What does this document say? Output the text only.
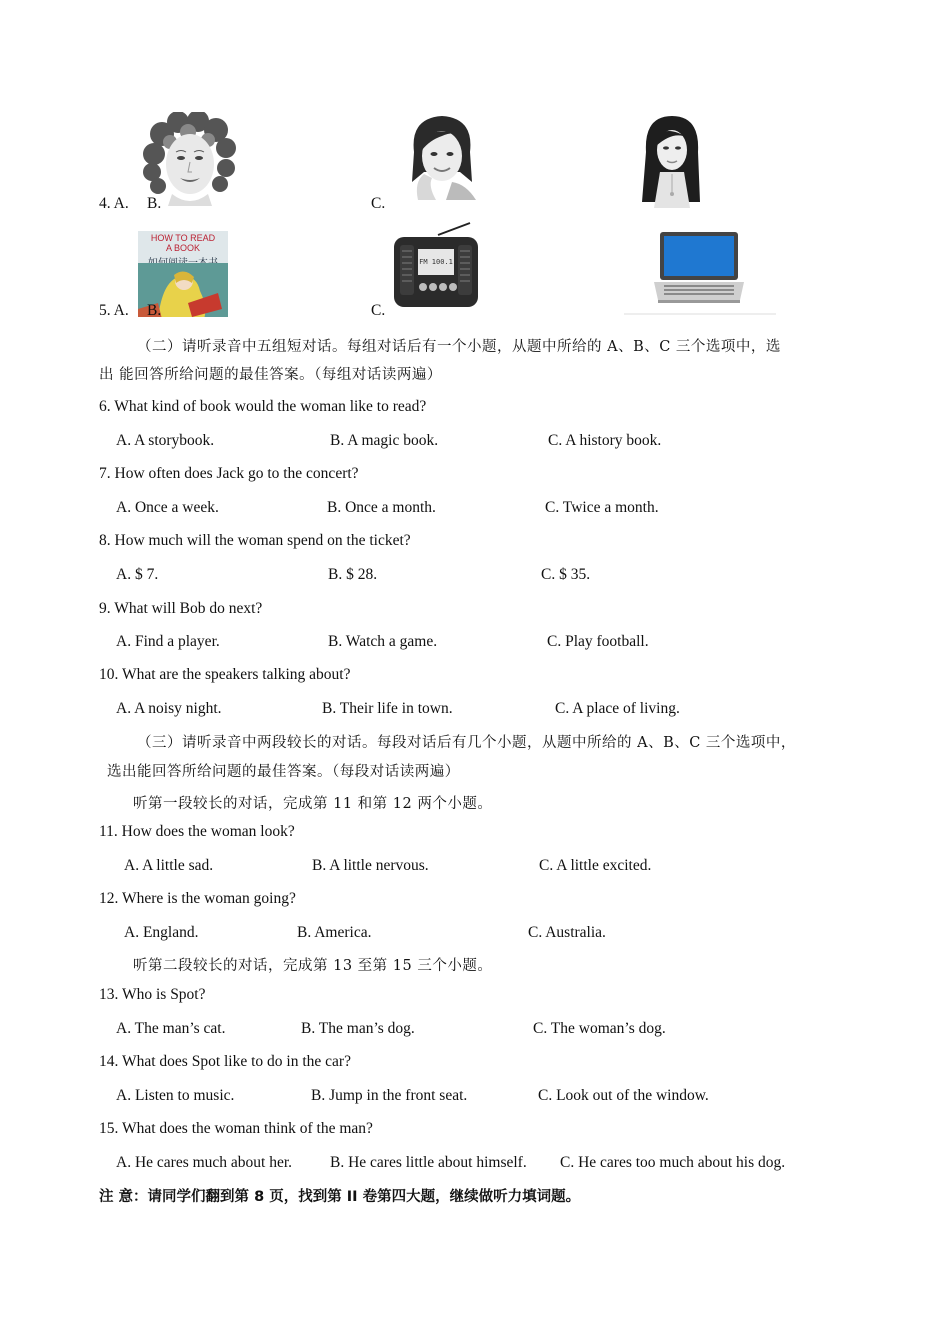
4. A. B.	C.
HOW TO READ
A BOOK
FM 100.1
5. A. B.	C.
（二）请听录音中五组短对话。每组对话后有一个小题，从题中所给的 A、B、C 三个选项中，选
出 能回答所给问题的最佳答案。（每组对话读两遍）
6. What kind of book would the woman like to read?
A. A storybook.	B. A magic book.	C. A history book.
7. How often does Jack go to the concert?
A. Once a week.	B. Once a month.	C. Twice a month.
8. How much will the woman spend on the ticket?
A. $ 7.	B. $ 28.	C. $ 35.
9. What will Bob do next?
A. Find a player.	B. Watch a game.	C. Play football.
10. What are the speakers talking about?
A. A noisy night.	B. Their life in town.	C. A place of living.
（三）请听录音中两段较长的对话。每段对话后有几个小题，从题中所给的 A、B、C 三个选项中，
选出能回答所给问题的最佳答案。（每段对话读两遍）
听第一段较长的对话，完成第 11 和第 12 两个小题。
11. How does the woman look?
A. A little sad.	B. A little nervous.	C. A little excited.
12. Where is the woman going?
A. England.	B. America.	C. Australia.
听第二段较长的对话，完成第 13 至第 15 三个小题。
13. Who is Spot?
A. The man’s cat.	B. The man’s dog.	C. The woman’s dog.
14. What does Spot like to do in the car?
A. Listen to music.	B. Jump in the front seat.	C. Look out of the window.
15. What does the woman think of the man?
A. He cares much about her. B. He cares little about himself. C. He cares too much about his dog.
注 意：请同学们翻到第 8 页，找到第 II 卷第四大题，继续做听力填词题。
